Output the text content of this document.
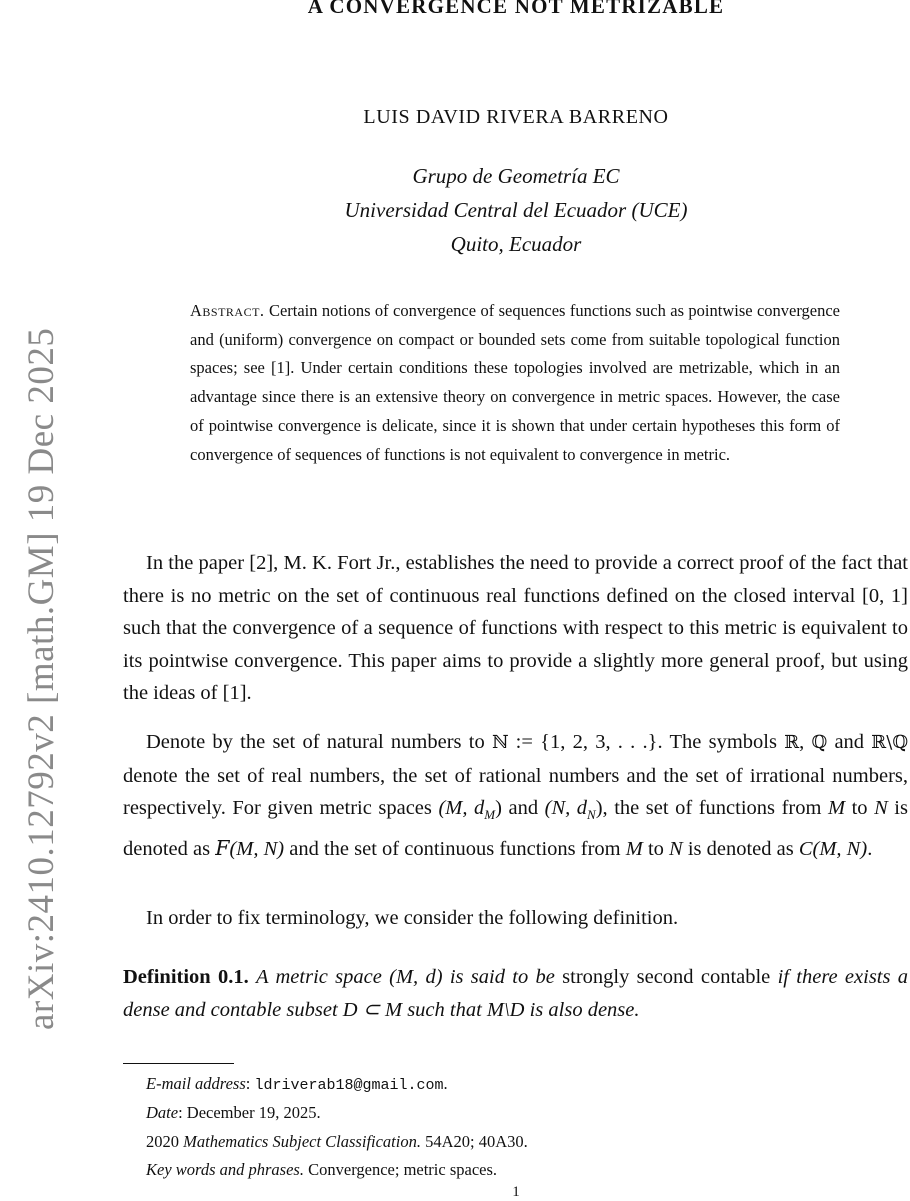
arXiv:2410.12792v2 [math.GM] 19 Dec 2025
A CONVERGENCE NOT METRIZABLE
LUIS DAVID RIVERA BARRENO
Grupo de Geometría EC
Universidad Central del Ecuador (UCE)
Quito, Ecuador
Abstract. Certain notions of convergence of sequences functions such as pointwise convergence and (uniform) convergence on compact or bounded sets come from suitable topological function spaces; see [1]. Under certain conditions these topologies involved are metrizable, which in an advantage since there is an extensive theory on convergence in metric spaces. However, the case of pointwise convergence is delicate, since it is shown that under certain hypotheses this form of convergence of sequences of functions is not equivalent to convergence in metric.

In the paper [2], M. K. Fort Jr., establishes the need to provide a correct proof of the fact that there is no metric on the set of continuous real functions defined on the closed interval [0, 1] such that the convergence of a sequence of functions with respect to this metric is equivalent to its pointwise convergence. This paper aims to provide a slightly more general proof, but using the ideas of [1].

Denote by the set of natural numbers to ℕ := {1, 2, 3, . . .}. The symbols ℝ, ℚ and ℝ\ℚ denote the set of real numbers, the set of rational numbers and the set of irrational numbers, respectively. For given metric spaces (M, $d_M$) and (N, $d_N$), the set of functions from M to N is denoted as F(M, N) and the set of continuous functions from M to N is denoted as C(M, N).

In order to fix terminology, we consider the following definition.

Definition 0.1. A metric space (M, d) is said to be strongly second contable if there exists a dense and contable subset D ⊂ M such that M\D is also dense.

E-mail address: ldriverab18@gmail.com.
Date: December 19, 2025.
2020 Mathematics Subject Classification. 54A20; 40A30.
Key words and phrases. Convergence; metric spaces.
1
